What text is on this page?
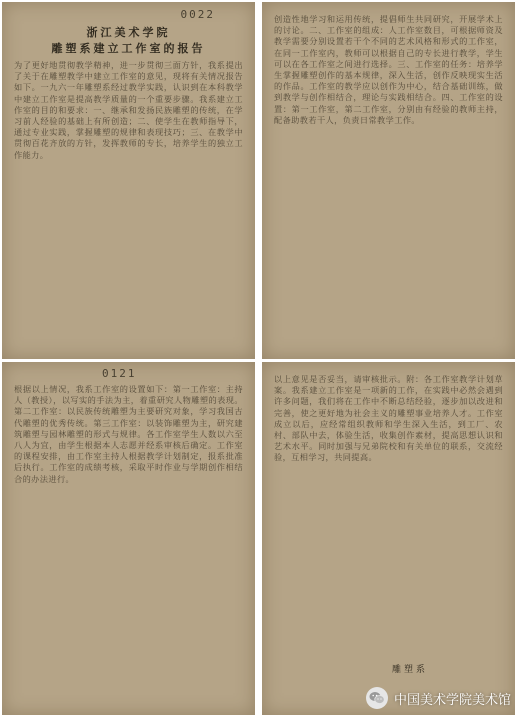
0022
浙江美术学院
雕塑系建立工作室的报告
为了更好地贯彻教学精神，进一步贯彻三面方针，我系提出了关于在雕塑教学中建立工作室的意见，现将有关情况报告如下。一九六一年雕塑系经过教学实践，认识到在本科教学中建立工作室是提高教学质量的一个重要步骤。我系建立工作室的目的和要求：一、继承和发扬民族雕塑的传统，在学习前人经验的基础上有所创造；二、使学生在教师指导下，通过专业实践，掌握雕塑的规律和表现技巧；三、在教学中贯彻百花齐放的方针，发挥教师的专长，培养学生的独立工作能力。
创造性地学习和运用传统，提倡师生共同研究，开展学术上的讨论。二、工作室的组成：人工作室数目，可根据师资及教学需要分别设置若干个不同的艺术风格和形式的工作室，在同一工作室内，教师可以根据自己的专长进行教学，学生可以在各工作室之间进行选择。三、工作室的任务：培养学生掌握雕塑创作的基本规律，深入生活，创作反映现实生活的作品。工作室的教学应以创作为中心，结合基础训练，做到教学与创作相结合，理论与实践相结合。四、工作室的设置：第一工作室，第二工作室，分别由有经验的教师主持，配备助教若干人，负责日常教学工作。
0121
根据以上情况，我系工作室的设置如下：第一工作室：主持人（教授），以写实的手法为主，着重研究人物雕塑的表现。第二工作室：以民族传统雕塑为主要研究对象，学习我国古代雕塑的优秀传统。第三工作室：以装饰雕塑为主，研究建筑雕塑与园林雕塑的形式与规律。各工作室学生人数以六至八人为宜，由学生根据本人志愿并经系审核后确定。工作室的课程安排，由工作室主持人根据教学计划制定，报系批准后执行。工作室的成绩考核，采取平时作业与学期创作相结合的办法进行。
以上意见是否妥当，请审核批示。附：各工作室教学计划草案。我系建立工作室是一项新的工作，在实践中必然会遇到许多问题，我们将在工作中不断总结经验，逐步加以改进和完善，使之更好地为社会主义的雕塑事业培养人才。工作室成立以后，应经常组织教师和学生深入生活，到工厂、农村、部队中去，体验生活，收集创作素材，提高思想认识和艺术水平。同时加强与兄弟院校和有关单位的联系，交流经验，互相学习，共同提高。
雕塑系
中国美术学院美术馆
